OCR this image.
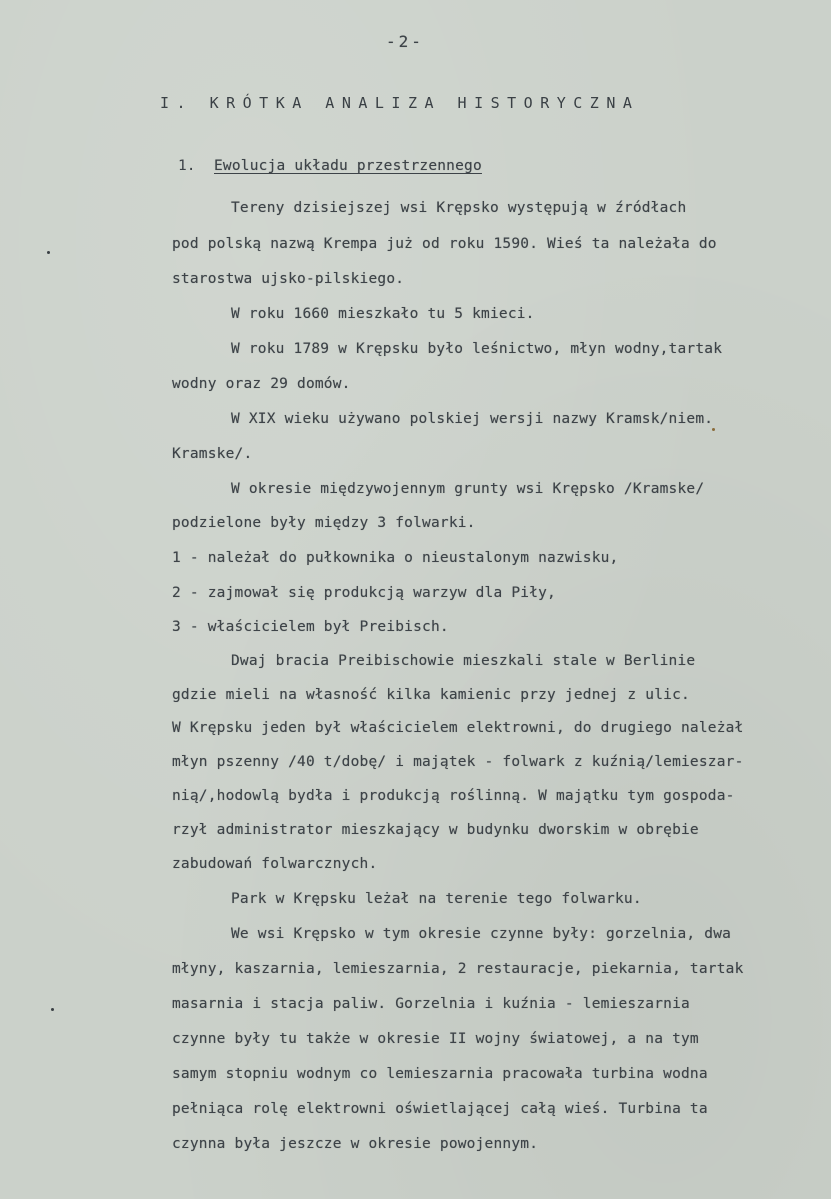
-2-
I. KRÓTKA ANALIZA HISTORYCZNA
1. Ewolucja układu przestrzennego
Tereny dzisiejszej wsi Krępsko występują w źródłach
pod polską nazwą Krempa już od roku 1590. Wieś ta należała do
starostwa ujsko-pilskiego.
W roku 1660 mieszkało tu 5 kmieci.
W roku 1789 w Krępsku było leśnictwo, młyn wodny,tartak
wodny oraz 29 domów.
W XIX wieku używano polskiej wersji nazwy Kramsk/niem.
Kramske/.
W okresie międzywojennym grunty wsi Krępsko /Kramske/
podzielone były między 3 folwarki.
1 - należał do pułkownika o nieustalonym nazwisku,
2 - zajmował się produkcją warzyw dla Piły,
3 - właścicielem był Preibisch.
Dwaj bracia Preibischowie mieszkali stale w Berlinie
gdzie mieli na własność kilka kamienic przy jednej z ulic.
W Krępsku jeden był właścicielem elektrowni, do drugiego należał
młyn pszenny /40 t/dobę/ i majątek - folwark z kuźnią/lemieszar-
nią/,hodowlą bydła i produkcją roślinną. W majątku tym gospoda-
rzył administrator mieszkający w budynku dworskim w obrębie
zabudowań folwarcznych.
Park w Krępsku leżał na terenie tego folwarku.
We wsi Krępsko w tym okresie czynne były: gorzelnia, dwa
młyny, kaszarnia, lemieszarnia, 2 restauracje, piekarnia, tartak
masarnia i stacja paliw. Gorzelnia i kuźnia - lemieszarnia
czynne były tu także w okresie II wojny światowej, a na tym
samym stopniu wodnym co lemieszarnia pracowała turbina wodna
pełniąca rolę elektrowni oświetlającej całą wieś. Turbina ta
czynna była jeszcze w okresie powojennym.
